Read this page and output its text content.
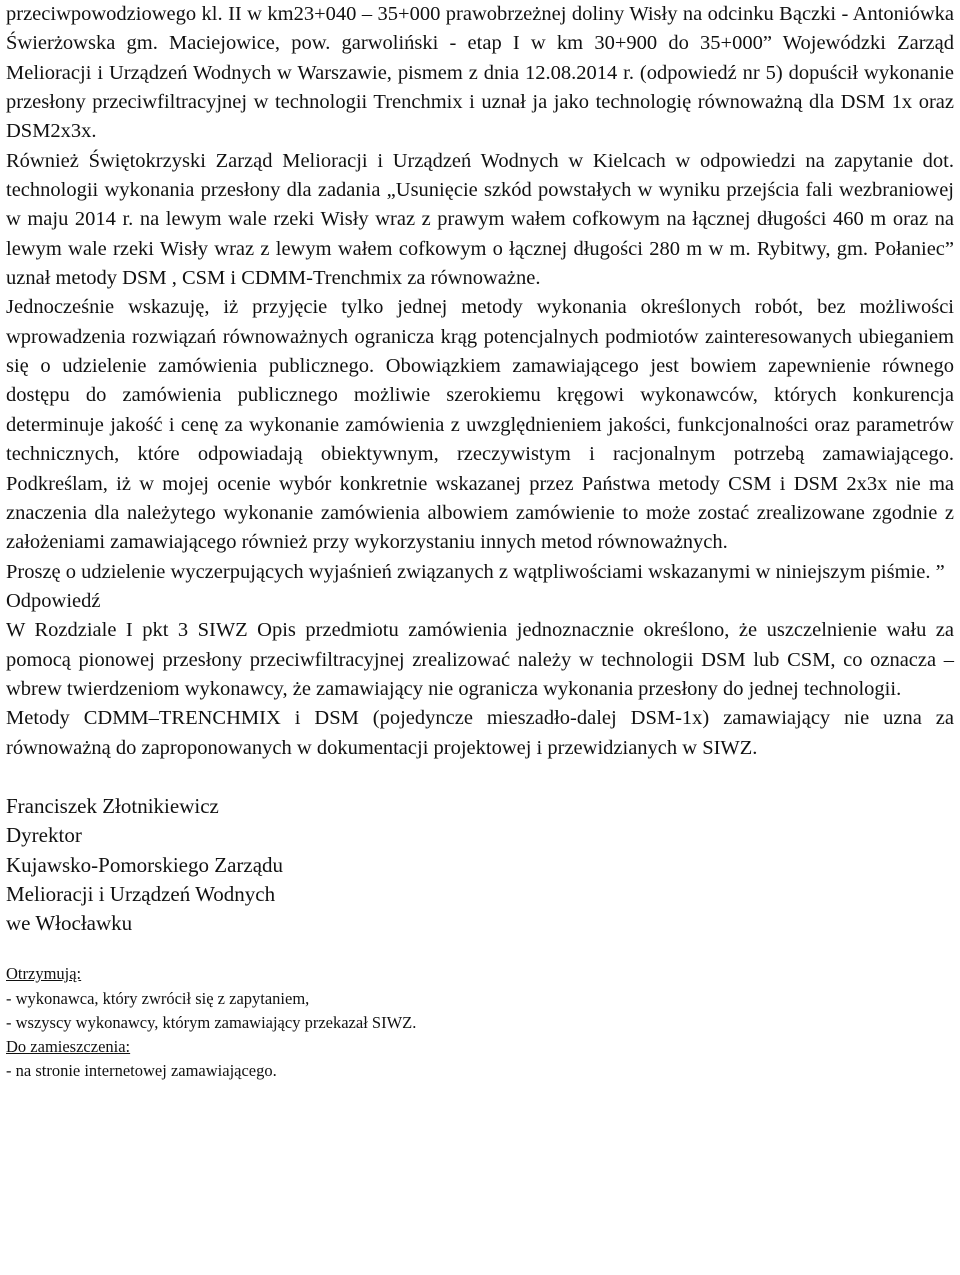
przeciwpowodziowego kl. II w km23+040 – 35+000 prawobrzeżnej doliny Wisły na odcinku Bączki - Antoniówka Świerżowska gm. Maciejowice, pow. garwoliński - etap I w km 30+900 do 35+000” Wojewódzki Zarząd Melioracji i Urządzeń Wodnych w Warszawie, pismem z dnia 12.08.2014 r. (odpowiedź nr 5) dopuścił wykonanie przesłony przeciwfiltracyjnej w technologii Trenchmix i uznał ja jako technologię równoważną dla DSM 1x oraz DSM2x3x.

Również Świętokrzyski Zarząd Melioracji i Urządzeń Wodnych w Kielcach w odpowiedzi na zapytanie dot. technologii wykonania przesłony dla zadania „Usunięcie szkód powstałych w wyniku przejścia fali wezbraniowej w maju 2014 r. na lewym wale rzeki Wisły wraz z prawym wałem cofkowym na łącznej długości 460 m oraz na lewym wale rzeki Wisły wraz z lewym wałem cofkowym o łącznej długości 280 m w m. Rybitwy, gm. Połaniec” uznał metody DSM , CSM i CDMM-Trenchmix za równoważne.

Jednocześnie wskazuję, iż przyjęcie tylko jednej metody wykonania określonych robót, bez możliwości wprowadzenia rozwiązań równoważnych ogranicza krąg potencjalnych podmiotów zainteresowanych ubieganiem się o udzielenie zamówienia publicznego. Obowiązkiem zamawiającego jest bowiem zapewnienie równego dostępu do zamówienia publicznego możliwie szerokiemu kręgowi wykonawców, których konkurencja determinuje jakość i cenę za wykonanie zamówienia z uwzględnieniem jakości, funkcjonalności oraz parametrów technicznych, które odpowiadają obiektywnym, rzeczywistym i racjonalnym potrzebą zamawiającego. Podkreślam, iż w mojej ocenie wybór konkretnie wskazanej przez Państwa metody CSM i DSM 2x3x nie ma znaczenia dla należytego wykonanie zamówienia albowiem zamówienie to może zostać zrealizowane zgodnie z założeniami zamawiającego również przy wykorzystaniu innych metod równoważnych.

Proszę o udzielenie wyczerpujących wyjaśnień związanych z wątpliwościami wskazanymi w niniejszym piśmie. ”

Odpowiedź

W Rozdziale I pkt 3 SIWZ Opis przedmiotu zamówienia jednoznacznie określono, że uszczelnienie wału za pomocą pionowej przesłony przeciwfiltracyjnej zrealizować należy w technologii DSM lub CSM, co oznacza – wbrew twierdzeniom wykonawcy, że zamawiający nie ogranicza wykonania przesłony do jednej technologii.

Metody CDMM–TRENCHMIX i DSM (pojedyncze mieszadło-dalej DSM-1x) zamawiający nie uzna za równoważną do zaproponowanych w dokumentacji projektowej i przewidzianych w SIWZ.

Franciszek Złotnikiewicz
Dyrektor
Kujawsko-Pomorskiego Zarządu
Melioracji i Urządzeń Wodnych
we Włocławku
Otrzymują:
- wykonawca, który zwrócił się z zapytaniem,
- wszyscy wykonawcy, którym zamawiający przekazał SIWZ.
Do zamieszczenia:
- na stronie internetowej zamawiającego.
